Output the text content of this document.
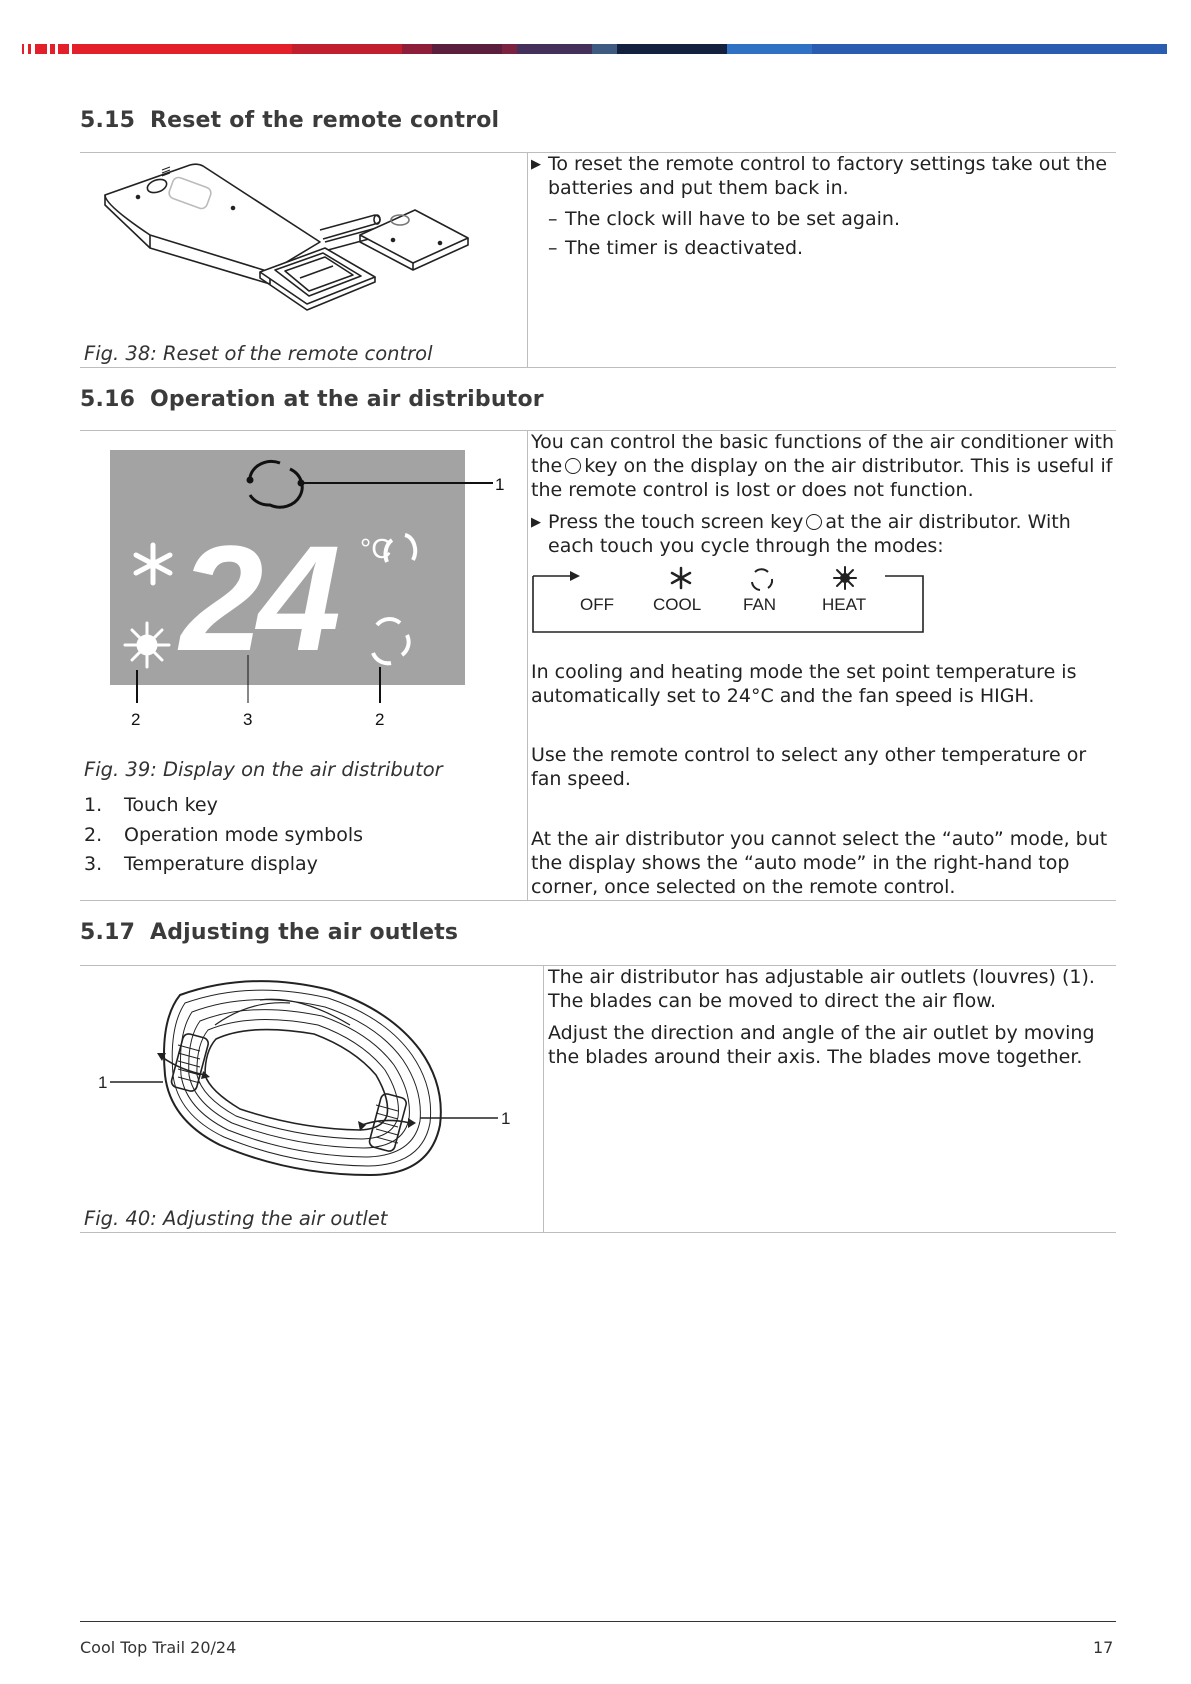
5.15 Reset of the remote control
Fig. 38: Reset of the remote control
▶ To reset the remote control to factory settings take out the batteries and put them back in.
– The clock will have to be set again.
– The timer is deactivated.
5.16 Operation at the air distributor
°C
24
1
2	3	2
Fig. 39: Display on the air distributor
1. Touch key
2. Operation mode symbols
3. Temperature display
You can control the basic functions of the air conditioner with the key on the display on the air distributor. This is useful if the remote control is lost or does not function.
▶ Press the touch screen key at the air distributor. With each touch you cycle through the modes:
OFF COOL FAN	HEAT
In cooling and heating mode the set point temperature is automatically set to 24°C and the fan speed is HIGH.
Use the remote control to select any other temperature or fan speed.
At the air distributor you cannot select the “auto” mode, but the display shows the “auto mode” in the right-hand top corner, once selected on the remote control.
5.17 Adjusting the air outlets
1
1
Fig. 40: Adjusting the air outlet
The air distributor has adjustable air outlets (louvres) (1). The blades can be moved to direct the air flow.
Adjust the direction and angle of the air outlet by moving the blades around their axis. The blades move together.
Cool Top Trail 20/24	17
